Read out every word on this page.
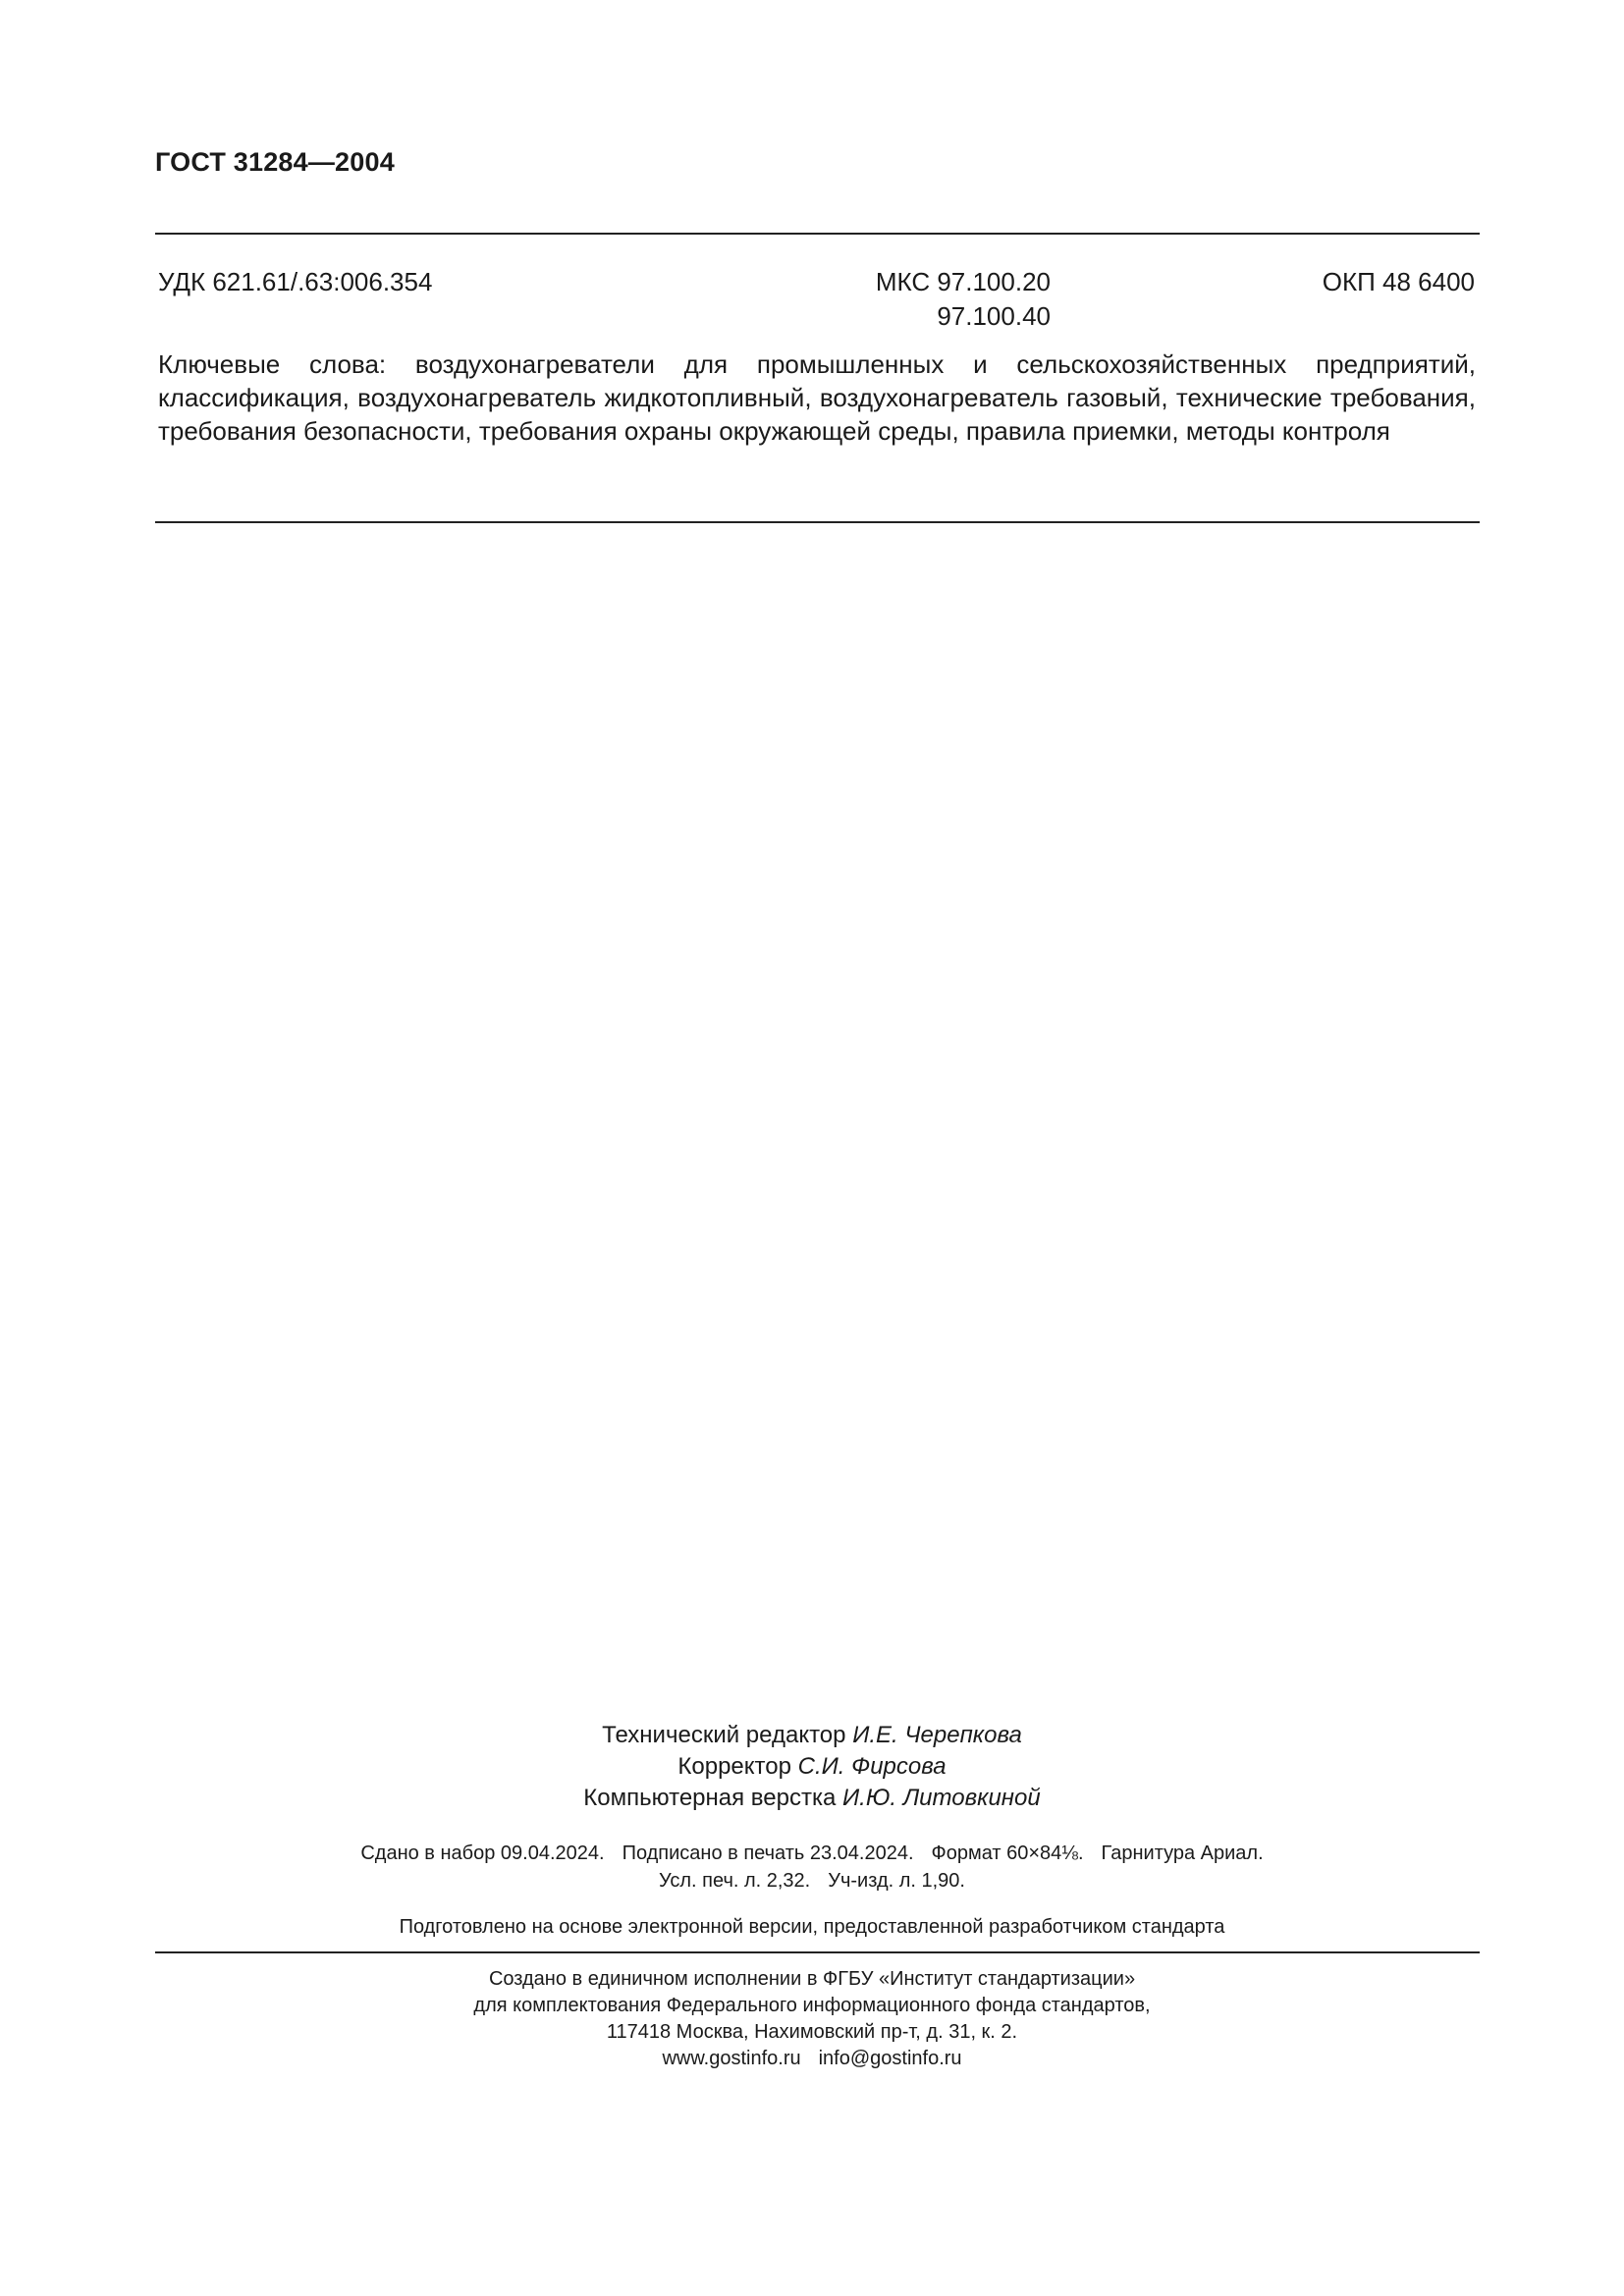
ГОСТ 31284—2004
УДК 621.61/.63:006.354	МКС 97.100.20
97.100.40
ОКП 48 6400
Ключевые слова: воздухонагреватели для промышленных и сельскохозяйственных предприятий, классификация, воздухонагреватель жидкотопливный, воздухонагреватель газовый, технические требования, требования безопасности, требования охраны окружающей среды, правила приемки, методы контроля
Технический редактор И.Е. Черепкова
Корректор С.И. Фирсова
Компьютерная верстка И.Ю. Литовкиной
Сдано в набор 09.04.2024. Подписано в печать 23.04.2024. Формат 60×84⅛. Гарнитура Ариал.
Усл. печ. л. 2,32. Уч-изд. л. 1,90.
Подготовлено на основе электронной версии, предоставленной разработчиком стандарта
Создано в единичном исполнении в ФГБУ «Институт стандартизации»
для комплектования Федерального информационного фонда стандартов,
117418 Москва, Нахимовский пр-т, д. 31, к. 2.
www.gostinfo.ru info@gostinfo.ru
